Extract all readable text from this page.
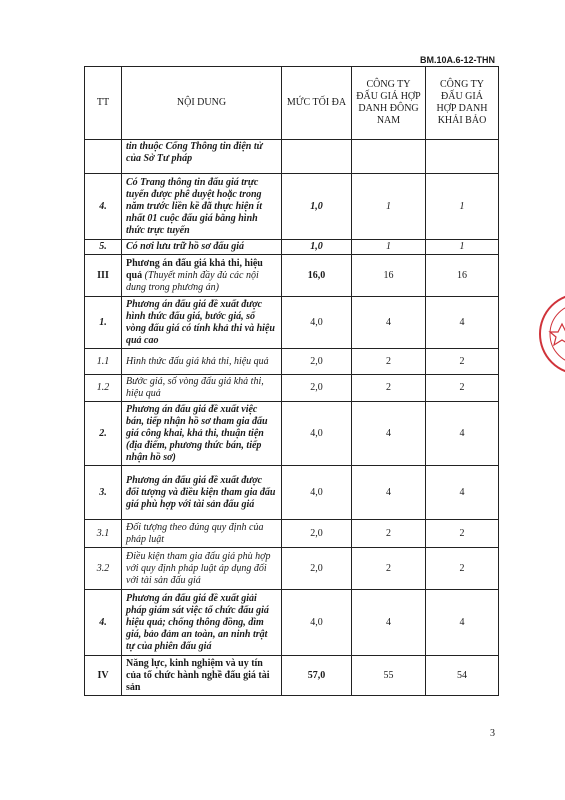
BM.10A.6-12-THN
TT	NỘI DUNG	MỨC TỐI ĐA	CÔNG TY ĐẤU GIÁ HỢP DANH ĐÔNG NAM	CÔNG TY ĐẤU GIÁ HỢP DANH KHẢI BẢO
	tin thuộc Cổng Thông tin điện tử của Sở Tư pháp			
4.	Có Trang thông tin đấu giá trực tuyến được phê duyệt hoặc trong năm trước liền kề đã thực hiện ít nhất 01 cuộc đấu giá bằng hình thức trực tuyến	1,0	1	1
5.	Có nơi lưu trữ hồ sơ đấu giá	1,0	1	1
III	Phương án đấu giá khả thi, hiệu quả (Thuyết minh đầy đủ các nội dung trong phương án)	16,0	16	16
1.	Phương án đấu giá đề xuất được hình thức đấu giá, bước giá, số vòng đấu giá có tính khả thi và hiệu quả cao	4,0	4	4
1.1	Hình thức đấu giá khả thi, hiệu quả	2,0	2	2
1.2	Bước giá, số vòng đấu giá khả thi, hiệu quả	2,0	2	2
2.	Phương án đấu giá đề xuất việc bán, tiếp nhận hồ sơ tham gia đấu giá công khai, khả thi, thuận tiện (địa điểm, phương thức bán, tiếp nhận hồ sơ)	4,0	4	4
3.	Phương án đấu giá đề xuất được đối tượng và điều kiện tham gia đấu giá phù hợp với tài sản đấu giá	4,0	4	4
3.1	Đối tượng theo đúng quy định của pháp luật	2,0	2	2
3.2	Điều kiện tham gia đấu giá phù hợp với quy định pháp luật áp dụng đối với tài sản đấu giá	2,0	2	2
4.	Phương án đấu giá đề xuất giải pháp giám sát việc tổ chức đấu giá hiệu quả; chống thông đồng, dìm giá, bảo đảm an toàn, an ninh trật tự của phiên đấu giá	4,0	4	4
IV	Năng lực, kinh nghiệm và uy tín của tổ chức hành nghề đấu giá tài sản	57,0	55	54
3
